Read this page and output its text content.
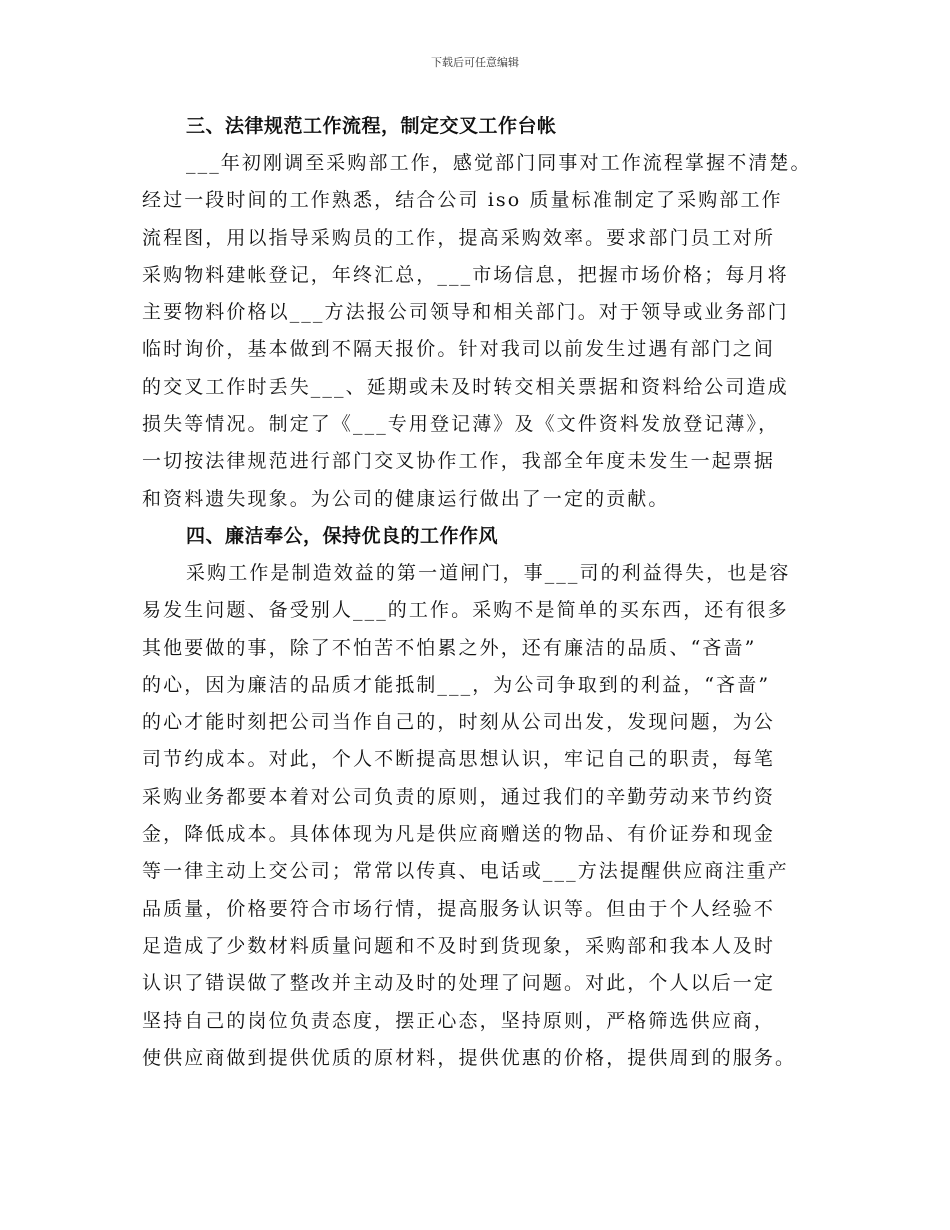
下载后可任意编辑
三、法律规范工作流程，制定交叉工作台帐
___年初刚调至采购部工作，感觉部门同事对工作流程掌握不清楚。
经过一段时间的工作熟悉，结合公司 iso 质量标准制定了采购部工作
流程图，用以指导采购员的工作，提高采购效率。要求部门员工对所
采购物料建帐登记，年终汇总，___市场信息，把握市场价格；每月将
主要物料价格以___方法报公司领导和相关部门。对于领导或业务部门
临时询价，基本做到不隔天报价。针对我司以前发生过遇有部门之间
的交叉工作时丢失___、延期或未及时转交相关票据和资料给公司造成
损失等情况。制定了《___专用登记薄》及《文件资料发放登记薄》，
一切按法律规范进行部门交叉协作工作，我部全年度未发生一起票据
和资料遗失现象。为公司的健康运行做出了一定的贡献。
四、廉洁奉公，保持优良的工作作风
采购工作是制造效益的第一道闸门，事___司的利益得失，也是容
易发生问题、备受别人___的工作。采购不是简单的买东西，还有很多
其他要做的事，除了不怕苦不怕累之外，还有廉洁的品质、“吝啬”
的心，因为廉洁的品质才能抵制___，为公司争取到的利益，“吝啬”
的心才能时刻把公司当作自己的，时刻从公司出发，发现问题，为公
司节约成本。对此，个人不断提高思想认识，牢记自己的职责，每笔
采购业务都要本着对公司负责的原则，通过我们的辛勤劳动来节约资
金，降低成本。具体体现为凡是供应商赠送的物品、有价证券和现金
等一律主动上交公司；常常以传真、电话或___方法提醒供应商注重产
品质量，价格要符合市场行情，提高服务认识等。但由于个人经验不
足造成了少数材料质量问题和不及时到货现象，采购部和我本人及时
认识了错误做了整改并主动及时的处理了问题。对此，个人以后一定
坚持自己的岗位负责态度，摆正心态，坚持原则，严格筛选供应商，
使供应商做到提供优质的原材料，提供优惠的价格，提供周到的服务。
